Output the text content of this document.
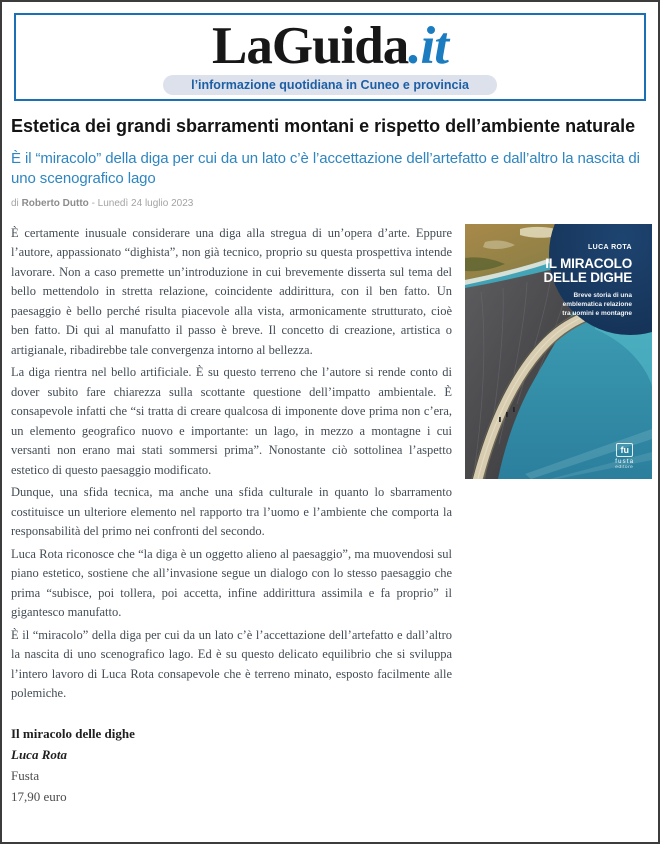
LaGuida.it
l’informazione quotidiana in Cuneo e provincia
Estetica dei grandi sbarramenti montani e rispetto dell’ambiente naturale
È il “miracolo” della diga per cui da un lato c’è l’accettazione dell’artefatto e dall’altro la nascita di uno scenografico lago
di Roberto Dutto - Lunedì 24 luglio 2023

È certamente inusuale considerare una diga alla stregua di un’opera d’arte. Eppure l’autore, appassionato “dighista”, non già tecnico, proprio su questa prospettiva intende lavorare. Non a caso premette un’introduzione in cui brevemente disserta sul tema del bello mettendolo in stretta relazione, coincidente addirittura, con il ben fatto. Un paesaggio è bello perché risulta piacevole alla vista, armonicamente strutturato, cioè ben fatto. Di qui al manufatto il passo è breve. Il concetto di creazione, artistica o artigianale, ribadirebbe tale convergenza intorno al bellezza.

La diga rientra nel bello artificiale. È su questo terreno che l’autore si rende conto di dover subito fare chiarezza sulla scottante questione dell’impatto ambientale. È consapevole infatti che “si tratta di creare qualcosa di imponente dove prima non c’era, un elemento geografico nuovo e importante: un lago, in mezzo a montagne i cui versanti non erano mai stati sommersi prima”. Nonostante ciò sottolinea l’aspetto estetico di questo paesaggio modificato.

Dunque, una sfida tecnica, ma anche una sfida culturale in quanto lo sbarramento costituisce un ulteriore elemento nel rapporto tra l’uomo e l’ambiente che comporta la responsabilità del primo nei confronti del secondo.

Luca Rota riconosce che “la diga è un oggetto alieno al paesaggio”, ma muovendosi sul piano estetico, sostiene che all’invasione segue un dialogo con lo stesso paesaggio che prima “subisce, poi tollera, poi accetta, infine addirittura assimila e fa proprio” il gigantesco manufatto.

È il “miracolo” della diga per cui da un lato c’è l’accettazione dell’artefatto e dall’altro la nascita di uno scenografico lago. Ed è su questo delicato equilibrio che si sviluppa l’intero lavoro di Luca Rota consapevole che è terreno minato, esposto facilmente alle polemiche.

LUCA ROTA
IL MIRACOLO
DELLE DIGHE
Breve storia di una
emblematica relazione
tra uomini e montagne
fu
fusta
editore
Il miracolo delle dighe
Luca Rota
Fusta
17,90 euro
